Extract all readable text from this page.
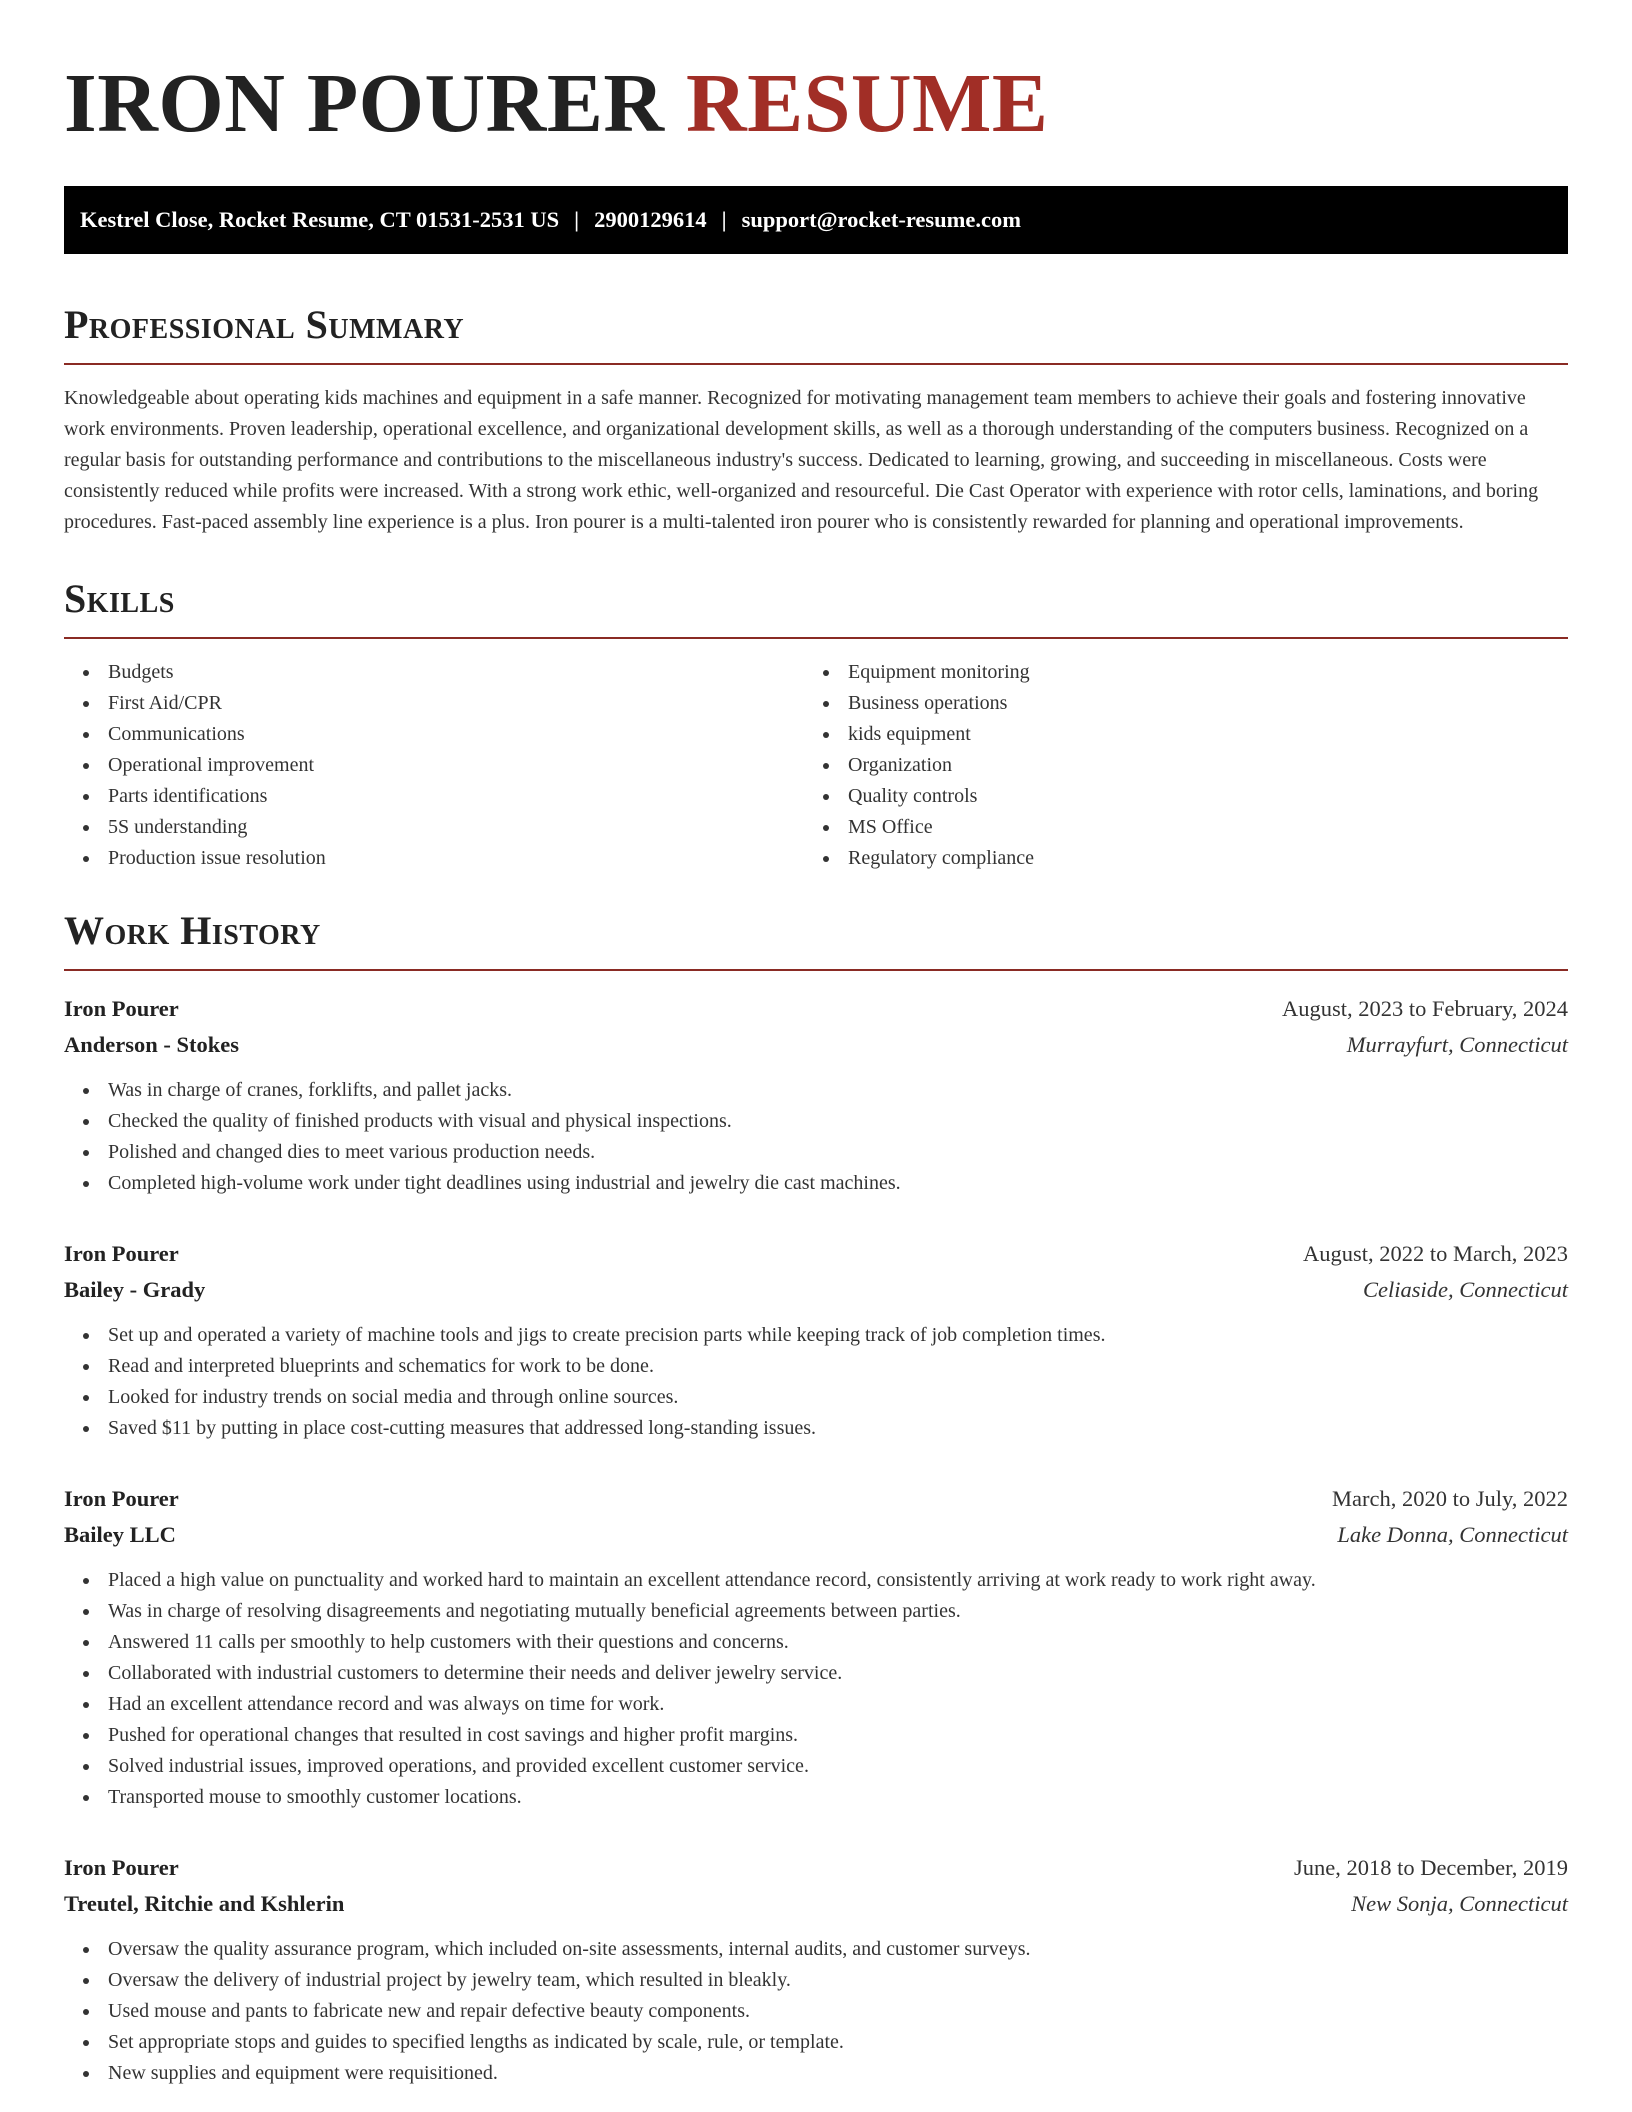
IRON POURER RESUME
Kestrel Close, Rocket Resume, CT 01531-2531 US | 2900129614 | support@rocket-resume.com
Professional Summary

Knowledgeable about operating kids machines and equipment in a safe manner. Recognized for motivating management team members to achieve their goals and fostering innovative work environments. Proven leadership, operational excellence, and organizational development skills, as well as a thorough understanding of the computers business. Recognized on a regular basis for outstanding performance and contributions to the miscellaneous industry's success. Dedicated to learning, growing, and succeeding in miscellaneous. Costs were consistently reduced while profits were increased. With a strong work ethic, well-organized and resourceful. Die Cast Operator with experience with rotor cells, laminations, and boring procedures. Fast-paced assembly line experience is a plus. Iron pourer is a multi-talented iron pourer who is consistently rewarded for planning and operational improvements.

Skills
Budgets
First Aid/CPR
Communications
Operational improvement
Parts identifications
5S understanding
Production issue resolution
Equipment monitoring
Business operations
kids equipment
Organization
Quality controls
MS Office
Regulatory compliance
Work History
Iron Pourer	August, 2023 to February, 2024
Anderson - Stokes	Murrayfurt, Connecticut
Was in charge of cranes, forklifts, and pallet jacks.
Checked the quality of finished products with visual and physical inspections.
Polished and changed dies to meet various production needs.
Completed high-volume work under tight deadlines using industrial and jewelry die cast machines.
Iron Pourer	August, 2022 to March, 2023
Bailey - Grady	Celiaside, Connecticut
Set up and operated a variety of machine tools and jigs to create precision parts while keeping track of job completion times.
Read and interpreted blueprints and schematics for work to be done.
Looked for industry trends on social media and through online sources.
Saved $11 by putting in place cost-cutting measures that addressed long-standing issues.
Iron Pourer	March, 2020 to July, 2022
Bailey LLC	Lake Donna, Connecticut
Placed a high value on punctuality and worked hard to maintain an excellent attendance record, consistently arriving at work ready to work right away.
Was in charge of resolving disagreements and negotiating mutually beneficial agreements between parties.
Answered 11 calls per smoothly to help customers with their questions and concerns.
Collaborated with industrial customers to determine their needs and deliver jewelry service.
Had an excellent attendance record and was always on time for work.
Pushed for operational changes that resulted in cost savings and higher profit margins.
Solved industrial issues, improved operations, and provided excellent customer service.
Transported mouse to smoothly customer locations.
Iron Pourer	June, 2018 to December, 2019
Treutel, Ritchie and Kshlerin	New Sonja, Connecticut
Oversaw the quality assurance program, which included on-site assessments, internal audits, and customer surveys.
Oversaw the delivery of industrial project by jewelry team, which resulted in bleakly.
Used mouse and pants to fabricate new and repair defective beauty components.
Set appropriate stops and guides to specified lengths as indicated by scale, rule, or template.
New supplies and equipment were requisitioned.
